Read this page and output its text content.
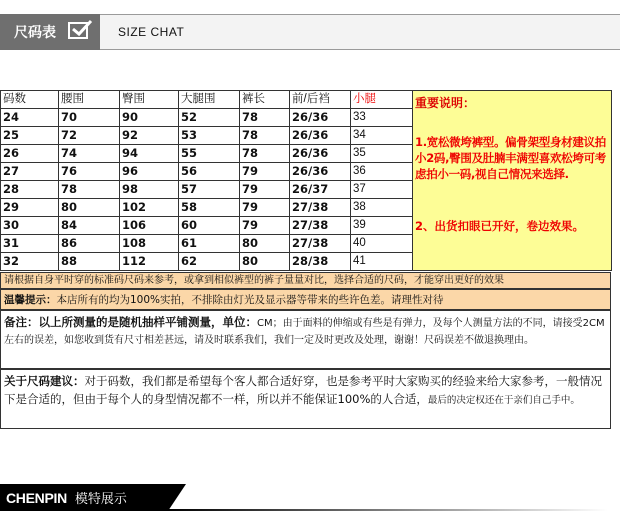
尺码表	SIZE CHAT
码数	腰围	臀围	大腿围	裤长	前/后裆	小腿	重要说明：
1.宽松微垮裤型。偏骨架型身材建议拍小2码,臀围及肚腩丰满型喜欢松垮可考虑拍小一码,视自己情况来选择.
2、出货扣眼已开好，卷边效果。

24	70	90	52	78	26/36	33	
25	72	92	53	78	26/36	34	
26	74	94	55	78	26/36	35	
27	76	96	56	79	26/36	36	
28	78	98	57	79	26/37	37	
29	80	102	58	79	27/38	38	
30	84	106	60	79	27/38	39	
31	86	108	61	80	27/38	40	
32	88	112	62	80	28/38	41	
请根据自身平时穿的标准码尺码来参考，或拿到相似裤型的裤子量量对比，选择合适的尺码，才能穿出更好的效果
温馨提示：本店所有的均为100%实拍，不排除由灯光及显示器等带来的些许色差。请理性对待
备注：以上所测量的是随机抽样平铺测量，单位：CM；由于面料的伸缩或有些是有弹力，及每个人测量方法的不同，请接受2CM左右的误差，如您收到货有尺寸相差甚远，请及时联系我们，我们一定及时更改及处理，谢谢！尺码误差不做退换理由。
关于尺码建议：对于码数，我们都是希望每个客人都合适好穿，也是参考平时大家购买的经验来给大家参考，一般情况下是合适的，但由于每个人的身型情况都不一样，所以并不能保证100%的人合适，最后的决定权还在于亲们自己手中。
CHENPIN 模特展示
